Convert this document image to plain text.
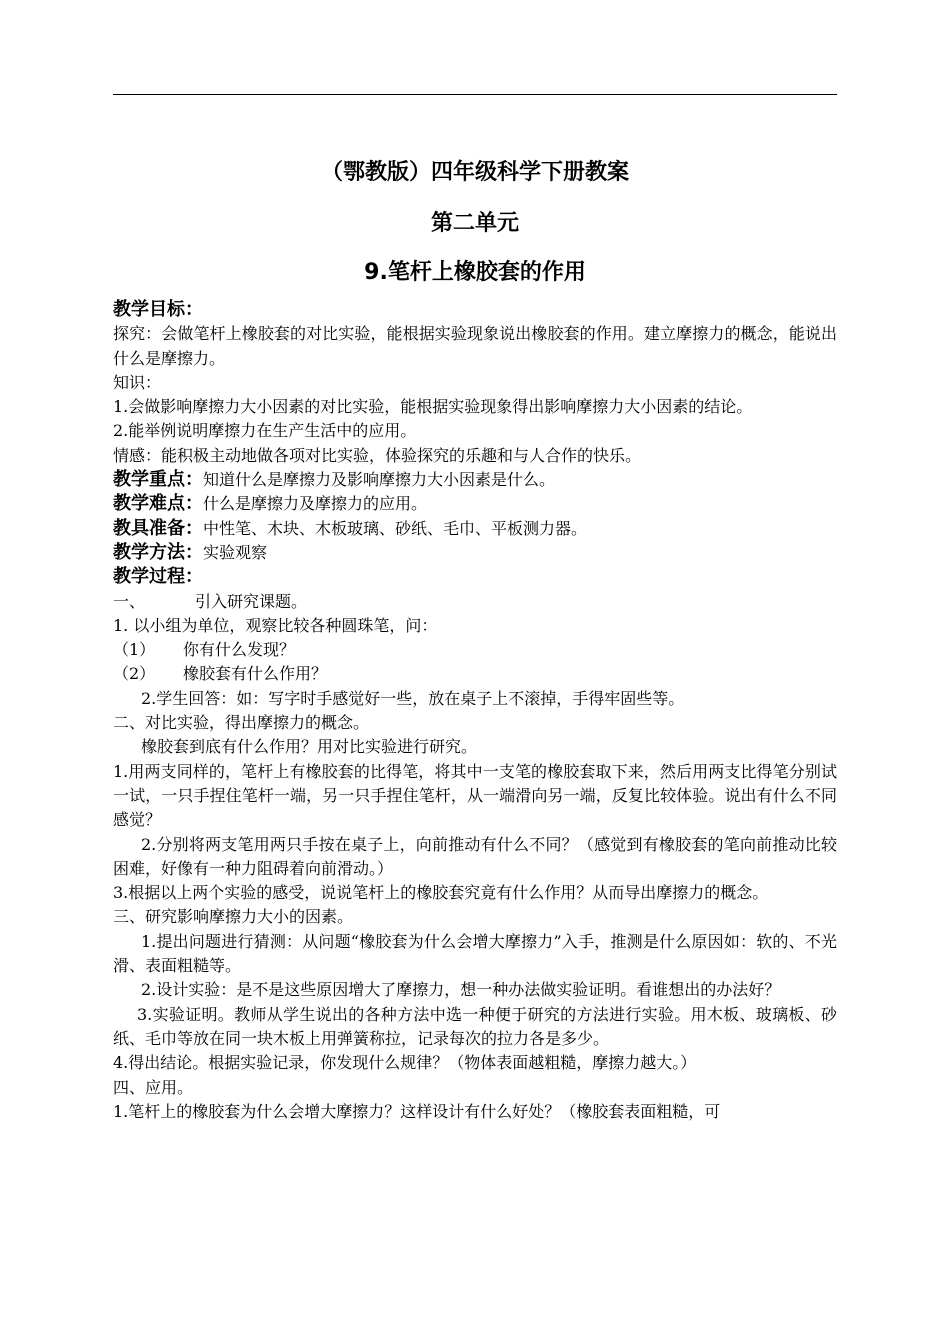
（鄂教版）四年级科学下册教案
第二单元
9.笔杆上橡胶套的作用

教学目标：

探究：会做笔杆上橡胶套的对比实验，能根据实验现象说出橡胶套的作用。建立摩擦力的概念，能说出什么是摩擦力。

知识：

1.会做影响摩擦力大小因素的对比实验，能根据实验现象得出影响摩擦力大小因素的结论。

2.能举例说明摩擦力在生产生活中的应用。

情感：能积极主动地做各项对比实验，体验探究的乐趣和与人合作的快乐。

教学重点：知道什么是摩擦力及影响摩擦力大小因素是什么。

教学难点：什么是摩擦力及摩擦力的应用。

教具准备：中性笔、木块、木板玻璃、砂纸、毛巾、平板测力器。

教学方法：实验观察

教学过程：

一、	引入研究课题。

1. 以小组为单位，观察比较各种圆珠笔，问：

（1） 你有什么发现？

（2） 橡胶套有什么作用？

2.学生回答：如：写字时手感觉好一些，放在桌子上不滚掉，手得牢固些等。

二、对比实验，得出摩擦力的概念。

橡胶套到底有什么作用？用对比实验进行研究。

1.用两支同样的，笔杆上有橡胶套的比得笔，将其中一支笔的橡胶套取下来，然后用两支比得笔分别试一试，一只手捏住笔杆一端，另一只手捏住笔杆，从一端滑向另一端，反复比较体验。说出有什么不同感觉？

2.分别将两支笔用两只手按在桌子上，向前推动有什么不同？（感觉到有橡胶套的笔向前推动比较困难，好像有一种力阻碍着向前滑动。）

3.根据以上两个实验的感受，说说笔杆上的橡胶套究竟有什么作用？从而导出摩擦力的概念。

三、研究影响摩擦力大小的因素。

1.提出问题进行猜测：从问题“橡胶套为什么会增大摩擦力”入手，推测是什么原因如：软的、不光滑、表面粗糙等。

2.设计实验：是不是这些原因增大了摩擦力，想一种办法做实验证明。看谁想出的办法好？

3.实验证明。教师从学生说出的各种方法中选一种便于研究的方法进行实验。用木板、玻璃板、砂纸、毛巾等放在同一块木板上用弹簧称拉，记录每次的拉力各是多少。

4.得出结论。根据实验记录，你发现什么规律？（物体表面越粗糙，摩擦力越大。）

四、应用。

1.笔杆上的橡胶套为什么会增大摩擦力？这样设计有什么好处？（橡胶套表面粗糙，可
